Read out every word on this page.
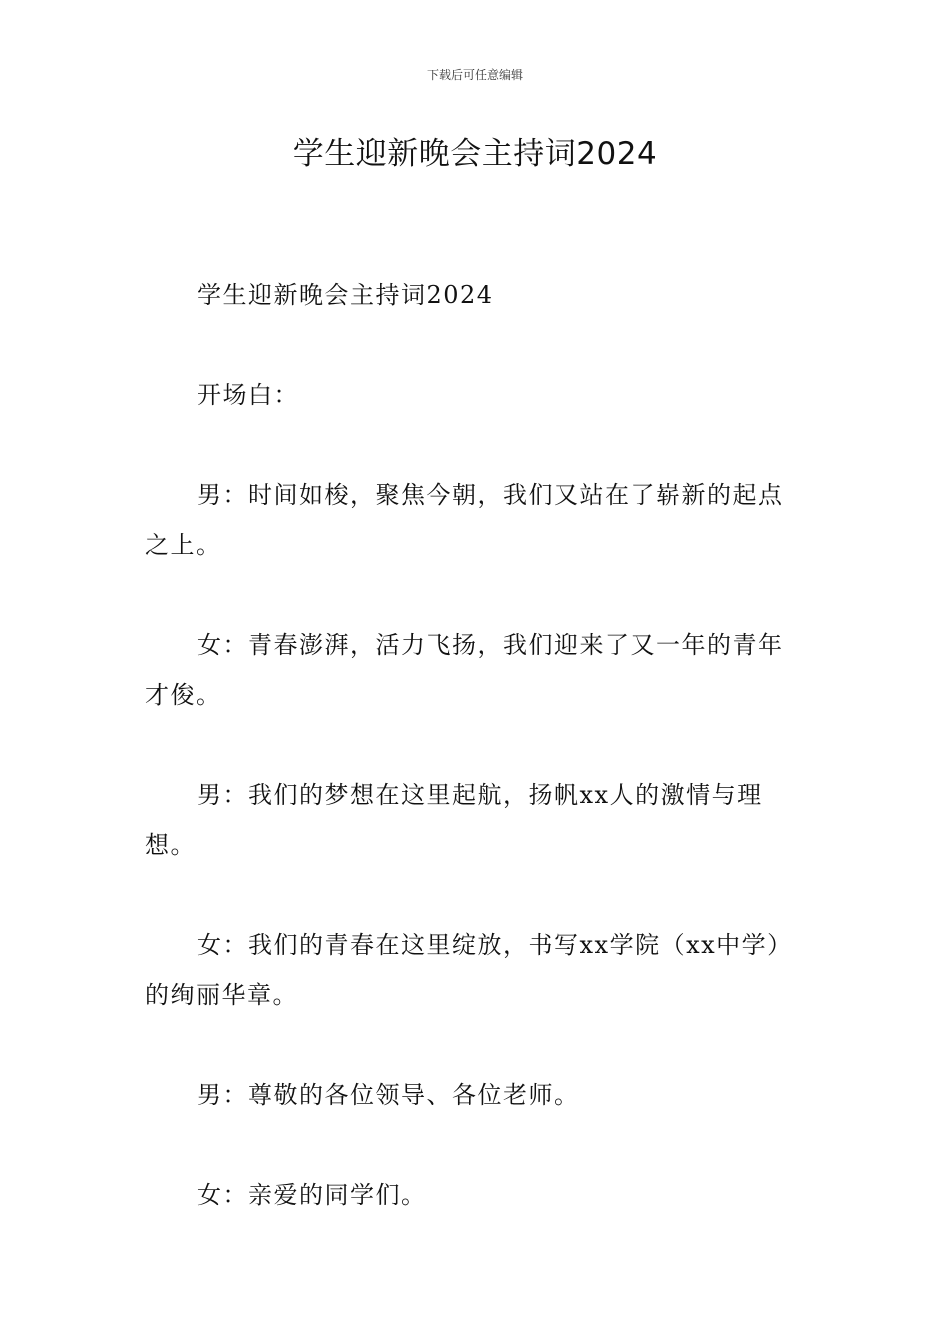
下载后可任意编辑
学生迎新晚会主持词2024

学生迎新晚会主持词2024

开场白：

男：时间如梭，聚焦今朝，我们又站在了崭新的起点之上。

女：青春澎湃，活力飞扬，我们迎来了又一年的青年才俊。

男：我们的梦想在这里起航，扬帆xx人的激情与理想。

女：我们的青春在这里绽放，书写xx学院（xx中学）的绚丽华章。

男：尊敬的各位领导、各位老师。

女：亲爱的同学们。
